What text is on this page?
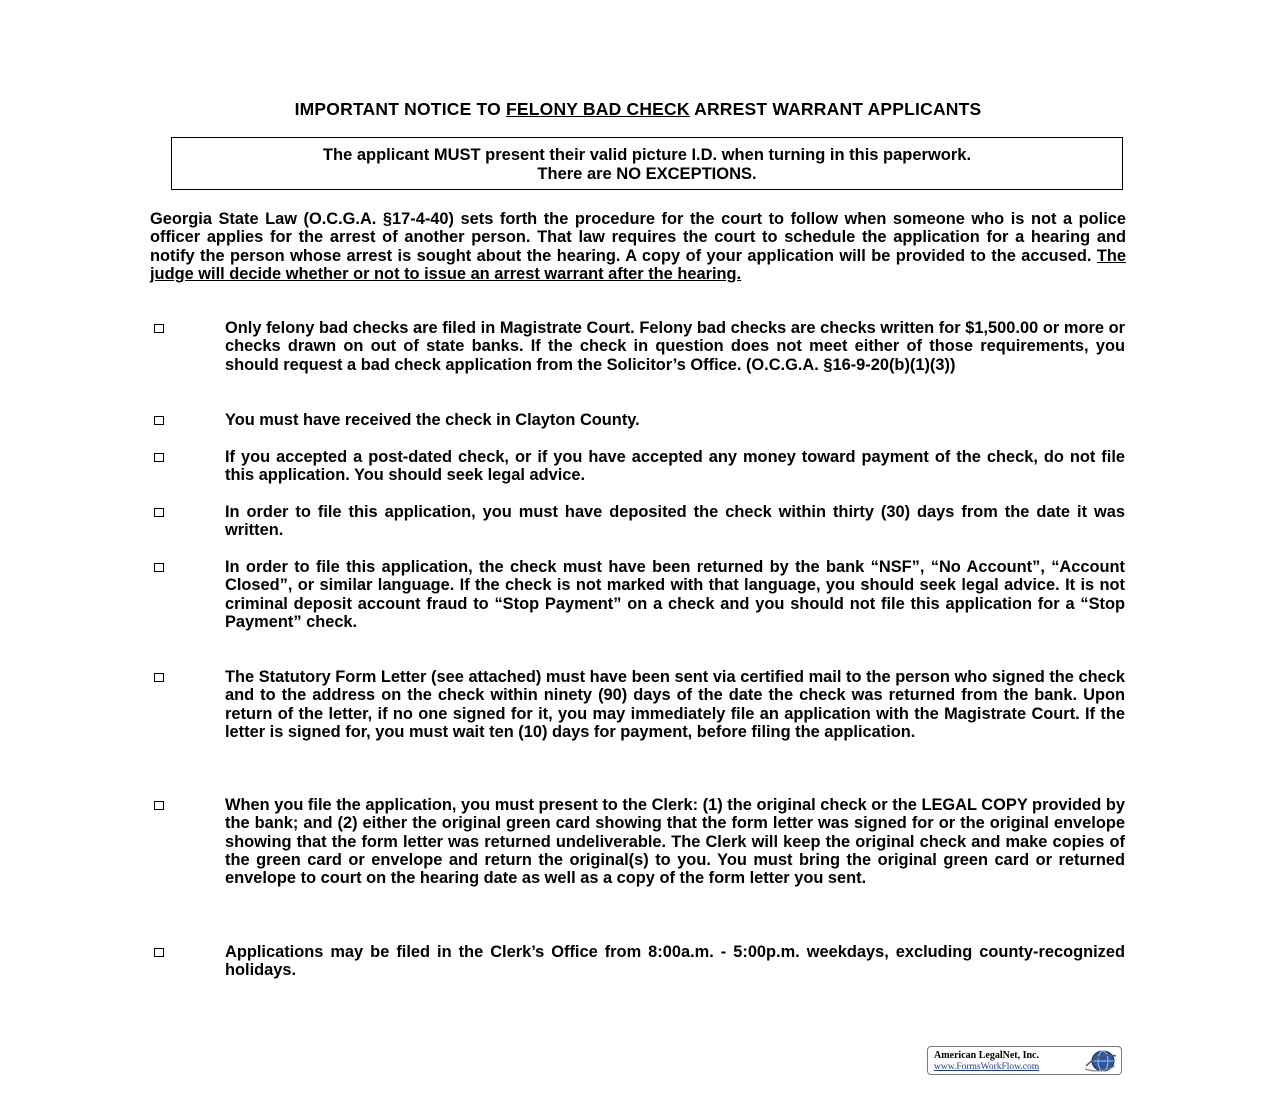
IMPORTANT NOTICE TO FELONY BAD CHECK ARREST WARRANT APPLICANTS
The applicant MUST present their valid picture I.D. when turning in this paperwork.
There are NO EXCEPTIONS.
Georgia State Law (O.C.G.A. §17-4-40) sets forth the procedure for the court to follow when someone who is not a police officer applies for the arrest of another person. That law requires the court to schedule the application for a hearing and notify the person whose arrest is sought about the hearing. A copy of your application will be provided to the accused. The judge will decide whether or not to issue an arrest warrant after the hearing.
Only felony bad checks are filed in Magistrate Court. Felony bad checks are checks written for $1,500.00 or more or checks drawn on out of state banks. If the check in question does not meet either of those requirements, you should request a bad check application from the Solicitor’s Office. (O.C.G.A. §16-9-20(b)(1)(3))
You must have received the check in Clayton County.
If you accepted a post-dated check, or if you have accepted any money toward payment of the check, do not file this application. You should seek legal advice.
In order to file this application, you must have deposited the check within thirty (30) days from the date it was written.
In order to file this application, the check must have been returned by the bank “NSF”, “No Account”, “Account Closed”, or similar language. If the check is not marked with that language, you should seek legal advice. It is not criminal deposit account fraud to “Stop Payment” on a check and you should not file this application for a “Stop Payment” check.
The Statutory Form Letter (see attached) must have been sent via certified mail to the person who signed the check and to the address on the check within ninety (90) days of the date the check was returned from the bank. Upon return of the letter, if no one signed for it, you may immediately file an application with the Magistrate Court. If the letter is signed for, you must wait ten (10) days for payment, before filing the application.
When you file the application, you must present to the Clerk: (1) the original check or the LEGAL COPY provided by the bank; and (2) either the original green card showing that the form letter was signed for or the original envelope showing that the form letter was returned undeliverable. The Clerk will keep the original check and make copies of the green card or envelope and return the original(s) to you. You must bring the original green card or returned envelope to court on the hearing date as well as a copy of the form letter you sent.
Applications may be filed in the Clerk’s Office from 8:00a.m. - 5:00p.m. weekdays, excluding county-recognized holidays.
American LegalNet, Inc.
www.FormsWorkFlow.com
